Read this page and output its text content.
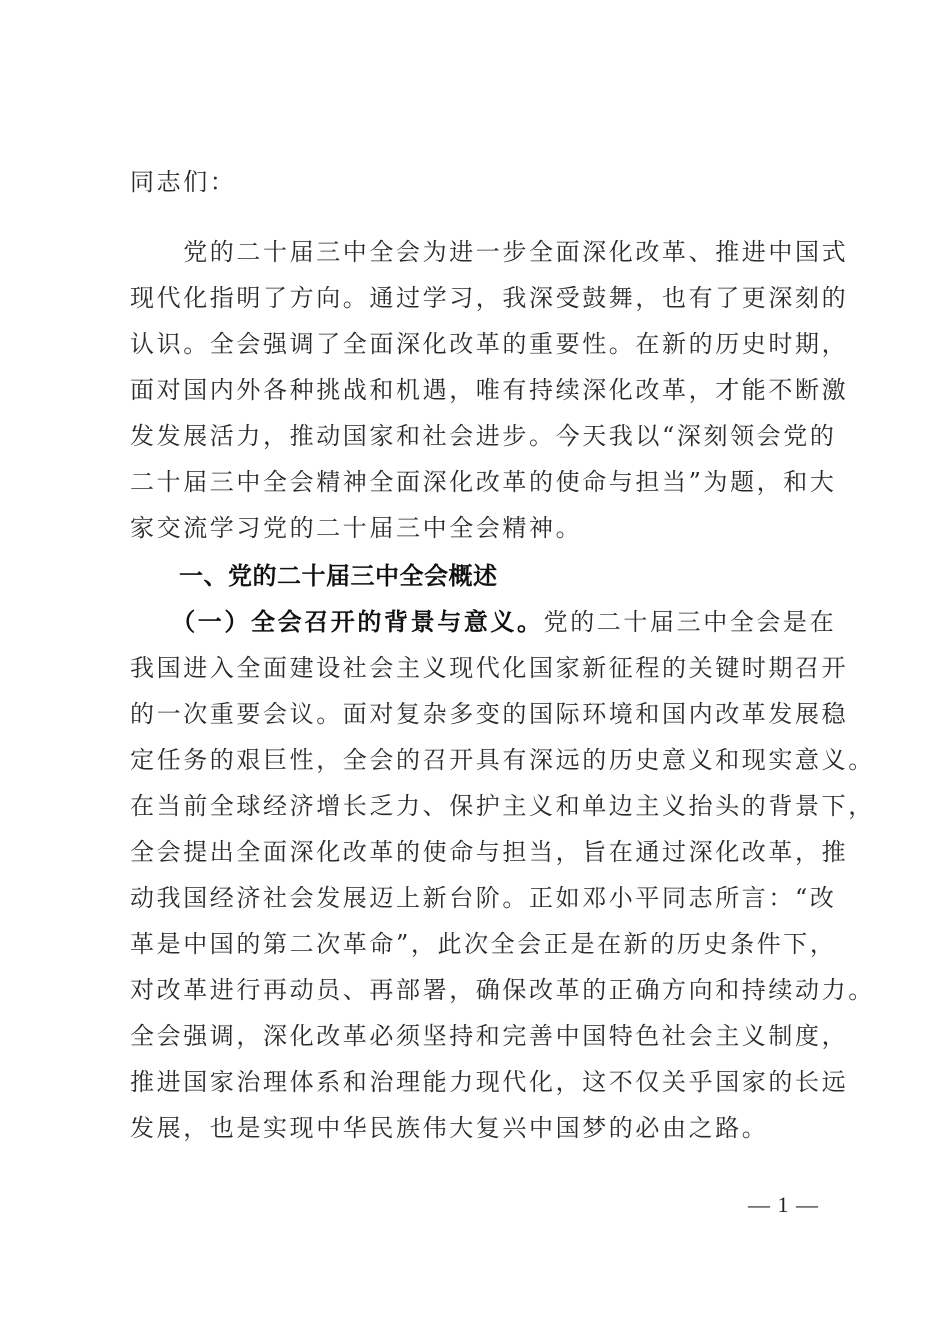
同志们：
　　党的二十届三中全会为进一步全面深化改革、推进中国式
现代化指明了方向。通过学习，我深受鼓舞，也有了更深刻的
认识。全会强调了全面深化改革的重要性。在新的历史时期，
面对国内外各种挑战和机遇，唯有持续深化改革，才能不断激
发发展活力，推动国家和社会进步。今天我以“深刻领会党的
二十届三中全会精神全面深化改革的使命与担当”为题，和大
家交流学习党的二十届三中全会精神。
　　一、党的二十届三中全会概述
　　（一）全会召开的背景与意义。党的二十届三中全会是在
我国进入全面建设社会主义现代化国家新征程的关键时期召开
的一次重要会议。面对复杂多变的国际环境和国内改革发展稳
定任务的艰巨性，全会的召开具有深远的历史意义和现实意义。
在当前全球经济增长乏力、保护主义和单边主义抬头的背景下，
全会提出全面深化改革的使命与担当，旨在通过深化改革，推
动我国经济社会发展迈上新台阶。正如邓小平同志所言：“改
革是中国的第二次革命”，此次全会正是在新的历史条件下，
对改革进行再动员、再部署，确保改革的正确方向和持续动力。
全会强调，深化改革必须坚持和完善中国特色社会主义制度，
推进国家治理体系和治理能力现代化，这不仅关乎国家的长远
发展，也是实现中华民族伟大复兴中国梦的必由之路。
— 1 —
